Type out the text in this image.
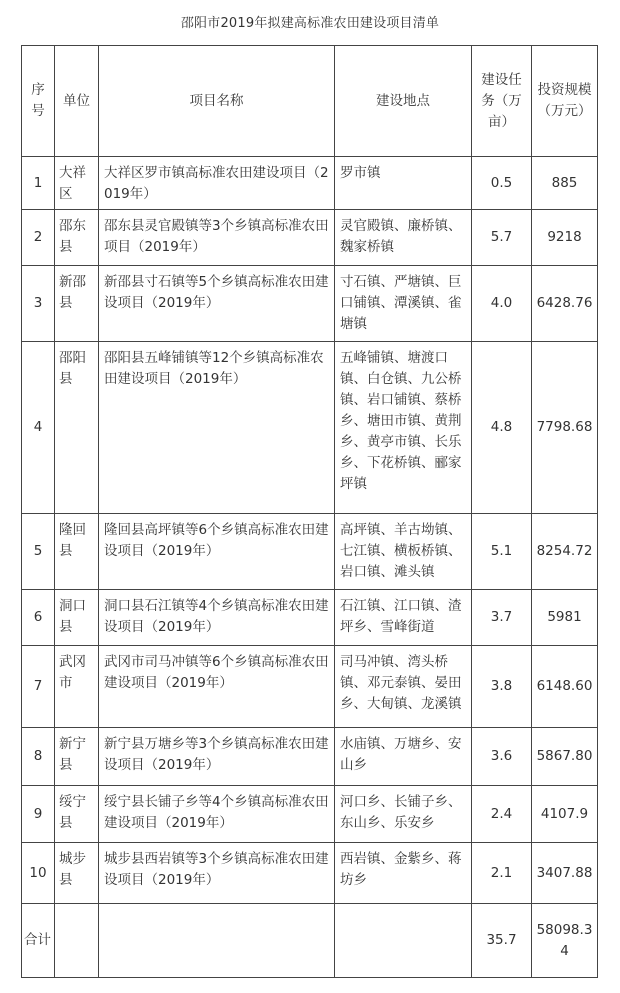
邵阳市2019年拟建高标准农田建设项目清单
序号	单位	项目名称	建设地点	建设任务（万亩）	投资规模（万元）

1	大祥区	大祥区罗市镇高标准农田建设项目（2019年）	罗市镇	0.5	885

2	邵东县	邵东县灵官殿镇等3个乡镇高标准农田项目（2019年）	灵官殿镇、廉桥镇、魏家桥镇	5.7	9218

3	新邵县	新邵县寸石镇等5个乡镇高标准农田建设项目（2019年）	寸石镇、严塘镇、巨口铺镇、潭溪镇、雀塘镇	4.0	6428.76

4	邵阳县	邵阳县五峰铺镇等12个乡镇高标准农田建设项目（2019年）	五峰铺镇、塘渡口镇、白仓镇、九公桥镇、岩口铺镇、蔡桥乡、塘田市镇、黄荆乡、黄亭市镇、长乐乡、下花桥镇、郦家坪镇	4.8	7798.68

5	隆回县	隆回县高坪镇等6个乡镇高标准农田建设项目（2019年）	高坪镇、羊古坳镇、七江镇、横板桥镇、岩口镇、滩头镇	5.1	8254.72

6	洞口县	洞口县石江镇等4个乡镇高标准农田建设项目（2019年）	石江镇、江口镇、渣坪乡、雪峰街道	3.7	5981

7	武冈市	武冈市司马冲镇等6个乡镇高标准农田建设项目（2019年）	司马冲镇、湾头桥镇、邓元泰镇、晏田乡、大甸镇、龙溪镇	3.8	6148.60

8	新宁县	新宁县万塘乡等3个乡镇高标准农田建设项目（2019年）	水庙镇、万塘乡、安山乡	3.6	5867.80

9	绥宁县	绥宁县长铺子乡等4个乡镇高标准农田建设项目（2019年）	河口乡、长铺子乡、东山乡、乐安乡	2.4	4107.9

10	城步县	城步县西岩镇等3个乡镇高标准农田建设项目（2019年）	西岩镇、金紫乡、蒋坊乡	2.1	3407.88

合计				35.7	58098.34
